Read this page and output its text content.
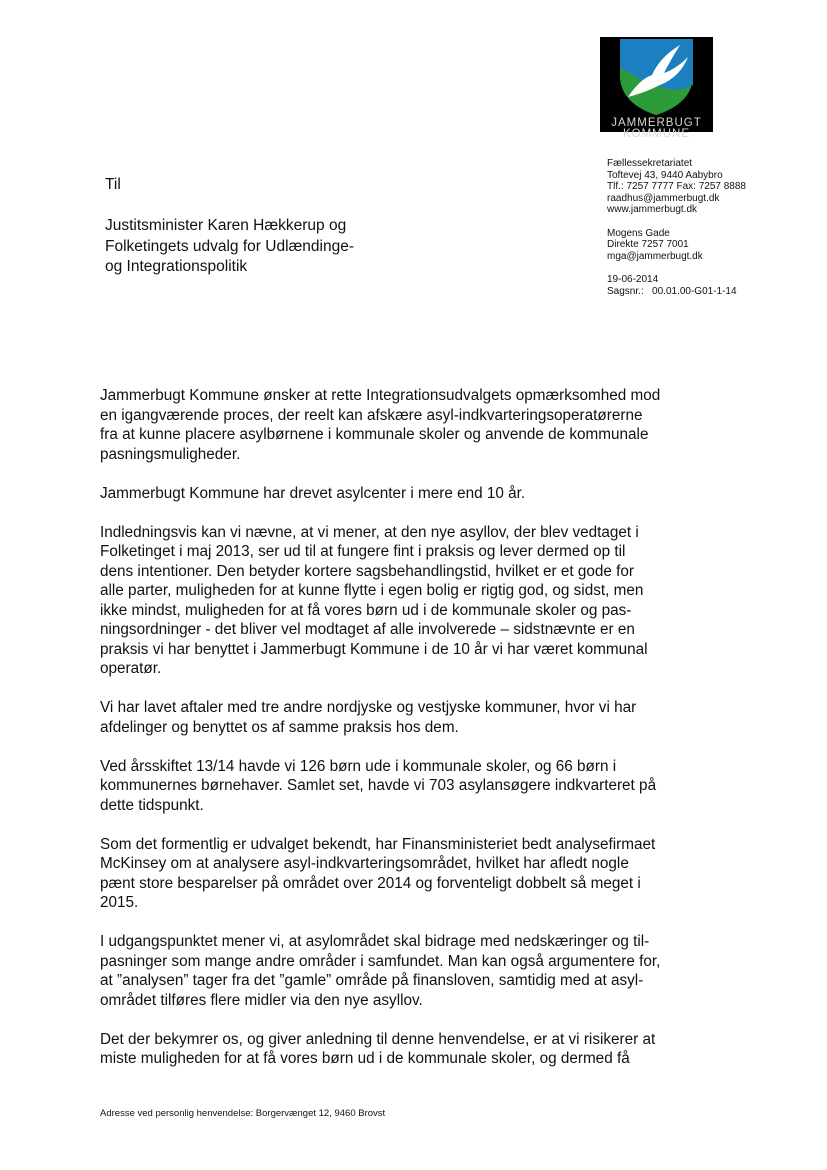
JAMMERBUGT
KOMMUNE
Fællessekretariatet
Toftevej 43, 9440 Aabybro
Tlf.: 7257 7777 Fax: 7257 8888
raadhus@jammerbugt.dk
www.jammerbugt.dk
Mogens Gade
Direkte 7257 7001
mga@jammerbugt.dk
19-06-2014
Sagsnr.: 00.01.00-G01-1-14
Til
Justitsminister Karen Hækkerup og
Folketingets udvalg for Udlændinge-
og Integrationspolitik

Jammerbugt Kommune ønsker at rette Integrationsudvalgets opmærksomhed mod
en igangværende proces, der reelt kan afskære asyl-indkvarteringsoperatørerne
fra at kunne placere asylbørnene i kommunale skoler og anvende de kommunale
pasningsmuligheder.

Jammerbugt Kommune har drevet asylcenter i mere end 10 år.

Indledningsvis kan vi nævne, at vi mener, at den nye asyllov, der blev vedtaget i
Folketinget i maj 2013, ser ud til at fungere fint i praksis og lever dermed op til
dens intentioner. Den betyder kortere sagsbehandlingstid, hvilket er et gode for
alle parter, muligheden for at kunne flytte i egen bolig er rigtig god, og sidst, men
ikke mindst, muligheden for at få vores børn ud i de kommunale skoler og pas-
ningsordninger - det bliver vel modtaget af alle involverede – sidstnævnte er en
praksis vi har benyttet i Jammerbugt Kommune i de 10 år vi har været kommunal
operatør.

Vi har lavet aftaler med tre andre nordjyske og vestjyske kommuner, hvor vi har
afdelinger og benyttet os af samme praksis hos dem.

Ved årsskiftet 13/14 havde vi 126 børn ude i kommunale skoler, og 66 børn i
kommunernes børnehaver. Samlet set, havde vi 703 asylansøgere indkvarteret på
dette tidspunkt.

Som det formentlig er udvalget bekendt, har Finansministeriet bedt analysefirmaet
McKinsey om at analysere asyl-indkvarteringsområdet, hvilket har afledt nogle
pænt store besparelser på området over 2014 og forventeligt dobbelt så meget i
2015.

I udgangspunktet mener vi, at asylområdet skal bidrage med nedskæringer og til-
pasninger som mange andre områder i samfundet. Man kan også argumentere for,
at ”analysen” tager fra det ”gamle” område på finansloven, samtidig med at asyl-
området tilføres flere midler via den nye asyllov.

Det der bekymrer os, og giver anledning til denne henvendelse, er at vi risikerer at
miste muligheden for at få vores børn ud i de kommunale skoler, og dermed få

Adresse ved personlig henvendelse: Borgervænget 12, 9460 Brovst
